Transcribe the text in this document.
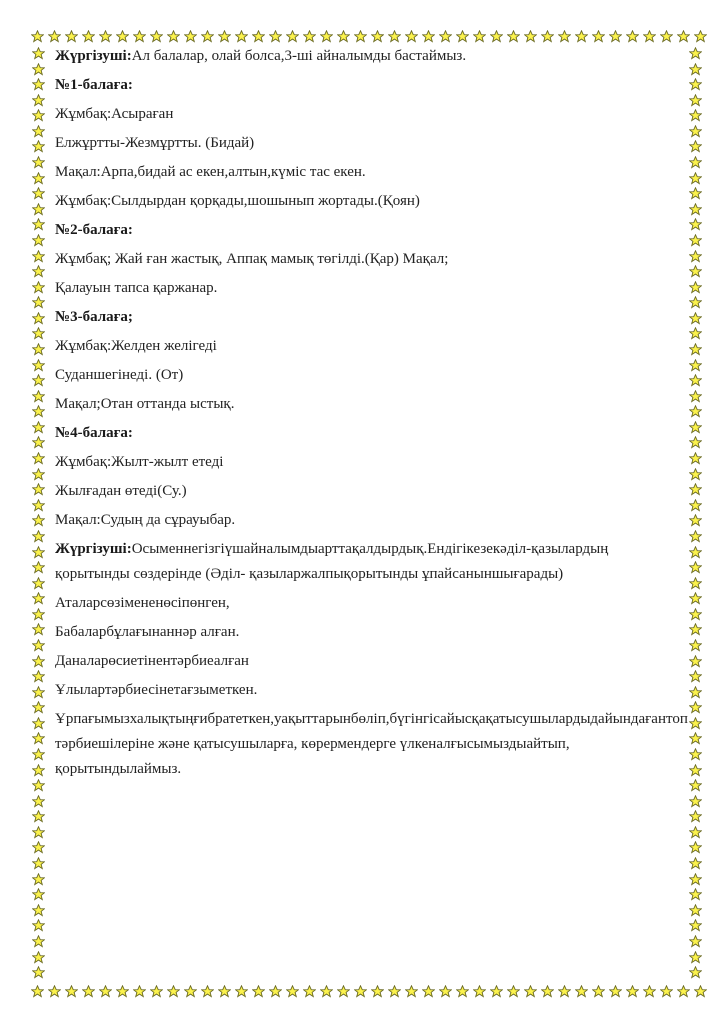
Жүргізуші:Ал балалар, олай болса,3-ші айналымды бастаймыз.

№1-балаға:

Жұмбақ:Асыраған

Елжұртты-Жезмұртты. (Бидай)

Мақал:Арпа,бидай ас екен,алтын,күміс тас екен.

Жұмбақ:Сылдырдан қорқады,шошынып жортады.(Қоян)

№2-балаға:

Жұмбақ; Жай ған жастық, Аппақ мамық төгілді.(Қар) Мақал;

Қалауын тапса қаржанар.

№3-балаға;

Жұмбақ:Желден желігеді

Суданшегінеді. (От)

Мақал;Отан оттанда ыстық.

№4-балаға:

Жұмбақ:Жылт-жылт етеді

Жылғадан өтеді(Су.)

Мақал:Судың да сұрауыбар.

Жүргізуші:Осыменнегізгіүшайналымдыарттақалдырдық.Ендігікезекәділ-қазылардың қорытынды сөздерінде (Әділ- қазыларжалпықорытынды ұпайсаныншығарады)

Аталарсөзімененөсіпөнген,

Бабаларбұлағынаннәр алған.

Даналарөсиетінентәрбиеалған

Ұлылартәрбиесінетағзыметкен.

Ұрпағымызхалықтыңғибратеткен,уақыттарынбөліп,бүгінгісайысқақатысушылардыдайындағантоп тәрбиешілеріне және қатысушыларға, көрермендерге үлкеналғысымыздыайтып, қорытындылаймыз.
